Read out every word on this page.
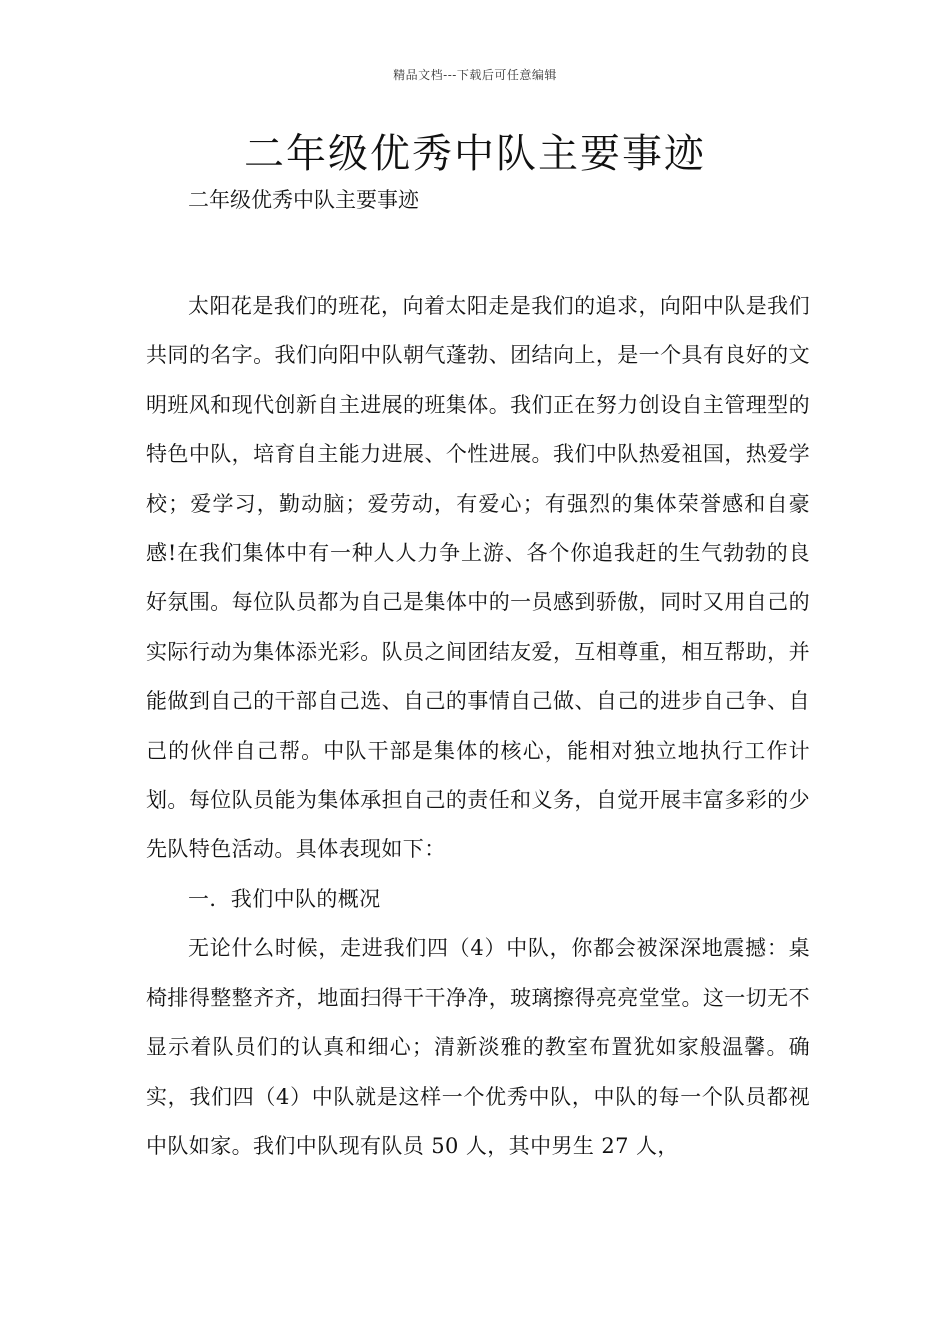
精品文档---下载后可任意编辑
二年级优秀中队主要事迹

二年级优秀中队主要事迹

太阳花是我们的班花，向着太阳走是我们的追求，向阳中队是我们共同的名字。我们向阳中队朝气蓬勃、团结向上，是一个具有良好的文明班风和现代创新自主进展的班集体。我们正在努力创设自主管理型的特色中队，培育自主能力进展、个性进展。我们中队热爱祖国，热爱学校；爱学习，勤动脑；爱劳动，有爱心；有强烈的集体荣誉感和自豪感!在我们集体中有一种人人力争上游、各个你追我赶的生气勃勃的良好氛围。每位队员都为自己是集体中的一员感到骄傲，同时又用自己的实际行动为集体添光彩。队员之间团结友爱，互相尊重，相互帮助，并能做到自己的干部自己选、自己的事情自己做、自己的进步自己争、自己的伙伴自己帮。中队干部是集体的核心，能相对独立地执行工作计划。每位队员能为集体承担自己的责任和义务，自觉开展丰富多彩的少先队特色活动。具体表现如下：

一．我们中队的概况

无论什么时候，走进我们四（4）中队，你都会被深深地震撼：桌椅排得整整齐齐，地面扫得干干净净，玻璃擦得亮亮堂堂。这一切无不显示着队员们的认真和细心；清新淡雅的教室布置犹如家般温馨。确实，我们四（4）中队就是这样一个优秀中队，中队的每一个队员都视中队如家。我们中队现有队员 50 人，其中男生 27 人，
